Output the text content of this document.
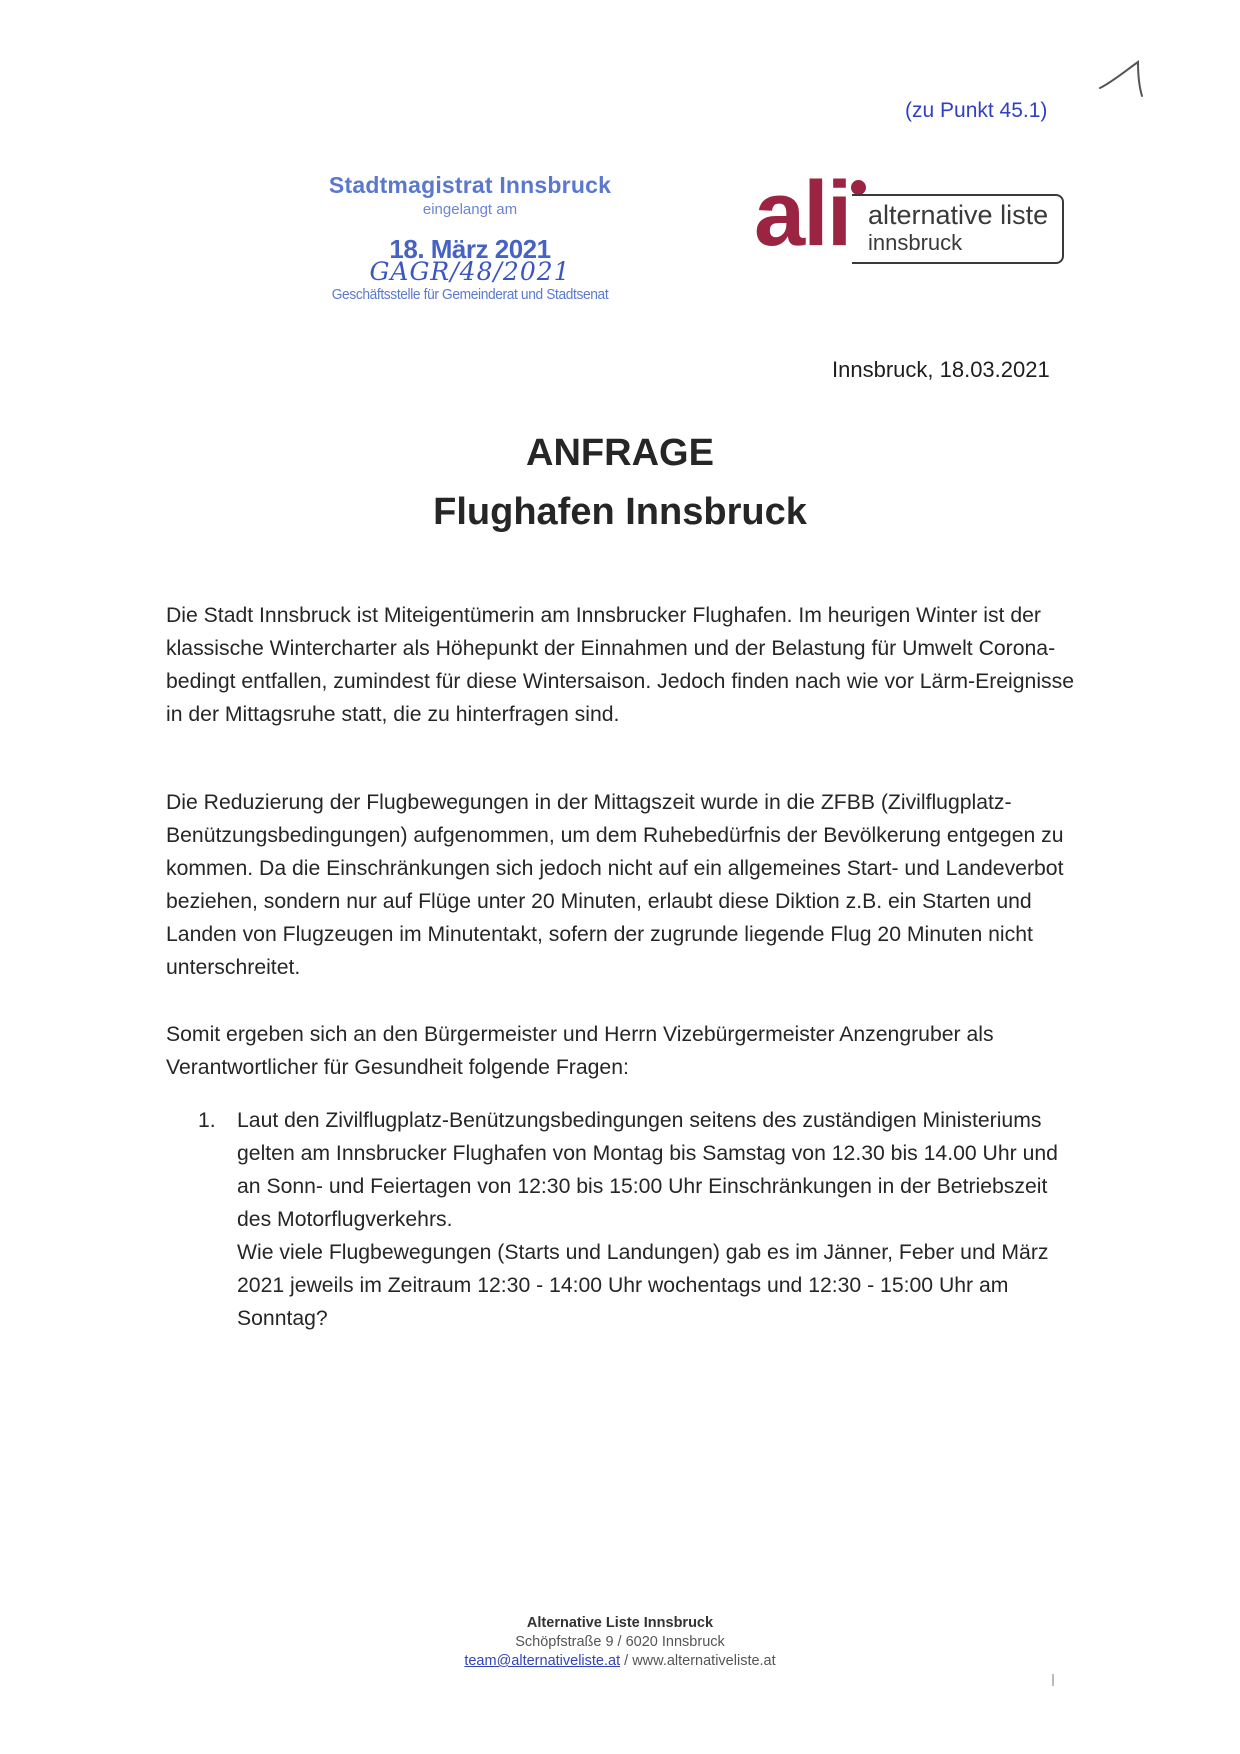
(zu Punkt 45.1)
Stadtmagistrat Innsbruck
eingelangt am
18. März 2021
GAGR/48/2021
Geschäftsstelle für Gemeinderat und Stadtsenat
ali alternative liste
innsbruck
Innsbruck, 18.03.2021
ANFRAGE
Flughafen Innsbruck
Die Stadt Innsbruck ist Miteigentümerin am Innsbrucker Flughafen. Im heurigen Winter ist der klassische Wintercharter als Höhepunkt der Einnahmen und der Belastung für Umwelt Corona-bedingt entfallen, zumindest für diese Wintersaison. Jedoch finden nach wie vor Lärm-Ereignisse in der Mittagsruhe statt, die zu hinterfragen sind.
Die Reduzierung der Flugbewegungen in der Mittagszeit wurde in die ZFBB (Zivilflugplatz-Benützungsbedingungen) aufgenommen, um dem Ruhebedürfnis der Bevölkerung entgegen zu kommen. Da die Einschränkungen sich jedoch nicht auf ein allgemeines Start- und Landeverbot beziehen, sondern nur auf Flüge unter 20 Minuten, erlaubt diese Diktion z.B. ein Starten und Landen von Flugzeugen im Minutentakt, sofern der zugrunde liegende Flug 20 Minuten nicht unterschreitet.
Somit ergeben sich an den Bürgermeister und Herrn Vizebürgermeister Anzengruber als Verantwortlicher für Gesundheit folgende Fragen:
1. Laut den Zivilflugplatz-Benützungsbedingungen seitens des zuständigen Ministeriums gelten am Innsbrucker Flughafen von Montag bis Samstag von 12.30 bis 14.00 Uhr und an Sonn- und Feiertagen von 12:30 bis 15:00 Uhr Einschränkungen in der Betriebszeit des Motorflugverkehrs.
Wie viele Flugbewegungen (Starts und Landungen) gab es im Jänner, Feber und März 2021 jeweils im Zeitraum 12:30 - 14:00 Uhr wochentags und 12:30 - 15:00 Uhr am Sonntag?
Alternative Liste Innsbruck
Schöpfstraße 9 / 6020 Innsbruck
team@alternativeliste.at / www.alternativeliste.at
